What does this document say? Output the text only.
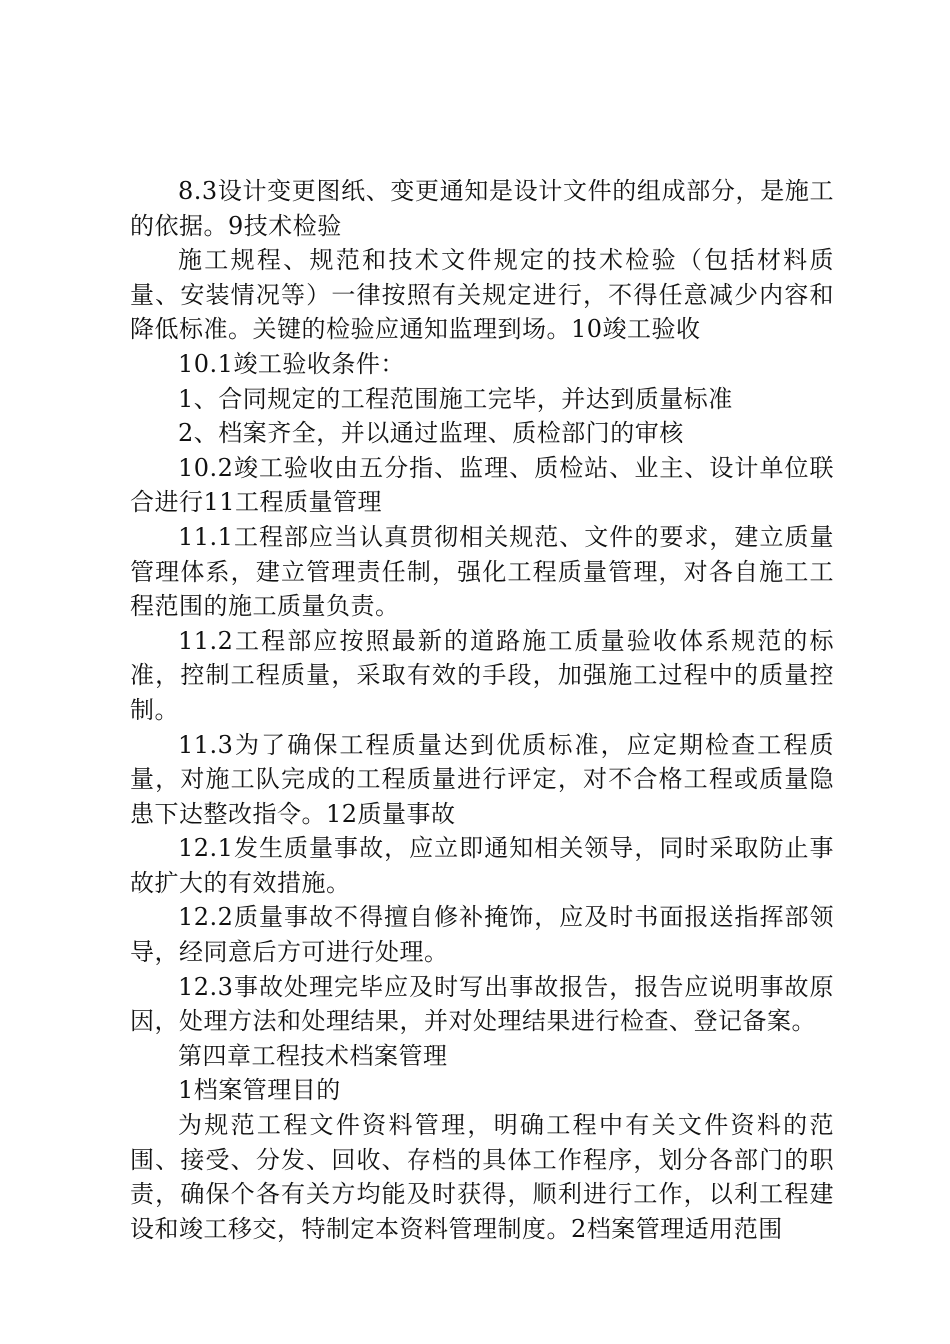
8.3设计变更图纸、变更通知是设计文件的组成部分，是施工的依据。9技术检验

施工规程、规范和技术文件规定的技术检验（包括材料质量、安装情况等）一律按照有关规定进行，不得任意减少内容和降低标准。关键的检验应通知监理到场。10竣工验收

10.1竣工验收条件：

1、合同规定的工程范围施工完毕，并达到质量标准

2、档案齐全，并以通过监理、质检部门的审核

10.2竣工验收由五分指、监理、质检站、业主、设计单位联合进行11工程质量管理

11.1工程部应当认真贯彻相关规范、文件的要求，建立质量管理体系，建立管理责任制，强化工程质量管理，对各自施工工程范围的施工质量负责。

11.2工程部应按照最新的道路施工质量验收体系规范的标准，控制工程质量，采取有效的手段，加强施工过程中的质量控制。

11.3为了确保工程质量达到优质标准，应定期检查工程质量，对施工队完成的工程质量进行评定，对不合格工程或质量隐患下达整改指令。12质量事故

12.1发生质量事故，应立即通知相关领导，同时采取防止事故扩大的有效措施。

12.2质量事故不得擅自修补掩饰，应及时书面报送指挥部领导，经同意后方可进行处理。

12.3事故处理完毕应及时写出事故报告，报告应说明事故原因，处理方法和处理结果，并对处理结果进行检查、登记备案。

第四章工程技术档案管理

1档案管理目的

为规范工程文件资料管理，明确工程中有关文件资料的范围、接受、分发、回收、存档的具体工作程序，划分各部门的职责，确保个各有关方均能及时获得，顺利进行工作，以利工程建设和竣工移交，特制定本资料管理制度。2档案管理适用范围
